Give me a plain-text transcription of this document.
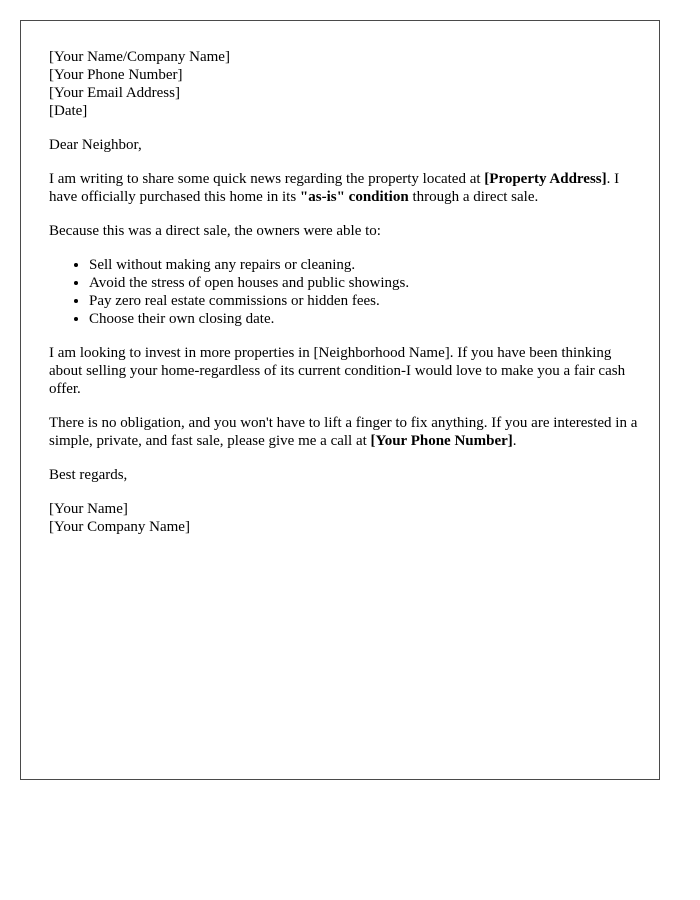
[Your Name/Company Name]
[Your Phone Number]
[Your Email Address]
[Date]

Dear Neighbor,

I am writing to share some quick news regarding the property located at [Property Address]. I have officially purchased this home in its "as-is" condition through a direct sale.

Because this was a direct sale, the owners were able to:

• Sell without making any repairs or cleaning.
• Avoid the stress of open houses and public showings.
• Pay zero real estate commissions or hidden fees.
• Choose their own closing date.

I am looking to invest in more properties in [Neighborhood Name]. If you have been thinking about selling your home-regardless of its current condition-I would love to make you a fair cash offer.

There is no obligation, and you won't have to lift a finger to fix anything. If you are interested in a simple, private, and fast sale, please give me a call at [Your Phone Number].

Best regards,

[Your Name]
[Your Company Name]
